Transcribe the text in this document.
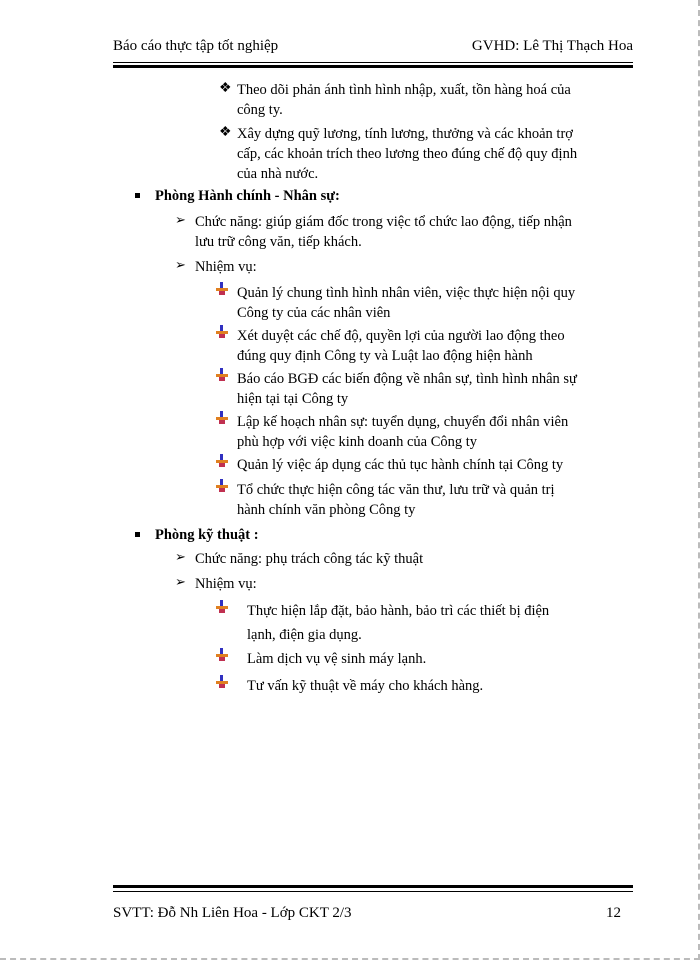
Báo cáo thực tập tốt nghiệp	GVHD: Lê Thị Thạch Hoa
❖ Theo dõi phản ánh tình hình nhập, xuất, tồn hàng hoá của
công ty.
❖ Xây dựng quỹ lương, tính lương, thưởng và các khoản trợ
cấp, các khoản trích theo lương theo đúng chế độ quy định
của nhà nước.
Phòng Hành chính - Nhân sự:
➢ Chức năng: giúp giám đốc trong việc tổ chức lao động, tiếp nhận
lưu trữ công văn, tiếp khách.
➢ Nhiệm vụ:
Quản lý chung tình hình nhân viên, việc thực hiện nội quy
Công ty của các nhân viên
Xét duyệt các chế độ, quyền lợi của người lao động theo
đúng quy định Công ty và Luật lao động hiện hành
Báo cáo BGĐ các biến động về nhân sự, tình hình nhân sự
hiện tại tại Công ty
Lập kế hoạch nhân sự: tuyển dụng, chuyển đổi nhân viên
phù hợp với việc kinh doanh của Công ty
Quản lý việc áp dụng các thủ tục hành chính tại Công ty
Tổ chức thực hiện công tác văn thư, lưu trữ và quản trị
hành chính văn phòng Công ty
Phòng kỹ thuật :
➢ Chức năng: phụ trách công tác kỹ thuật
➢ Nhiệm vụ:
Thực hiện lắp đặt, bảo hành, bảo trì các thiết bị điện
lạnh, điện gia dụng.
Làm dịch vụ vệ sinh máy lạnh.
Tư vấn kỹ thuật về máy cho khách hàng.
SVTT: Đỗ Nh Liên Hoa - Lớp CKT 2/3	12
